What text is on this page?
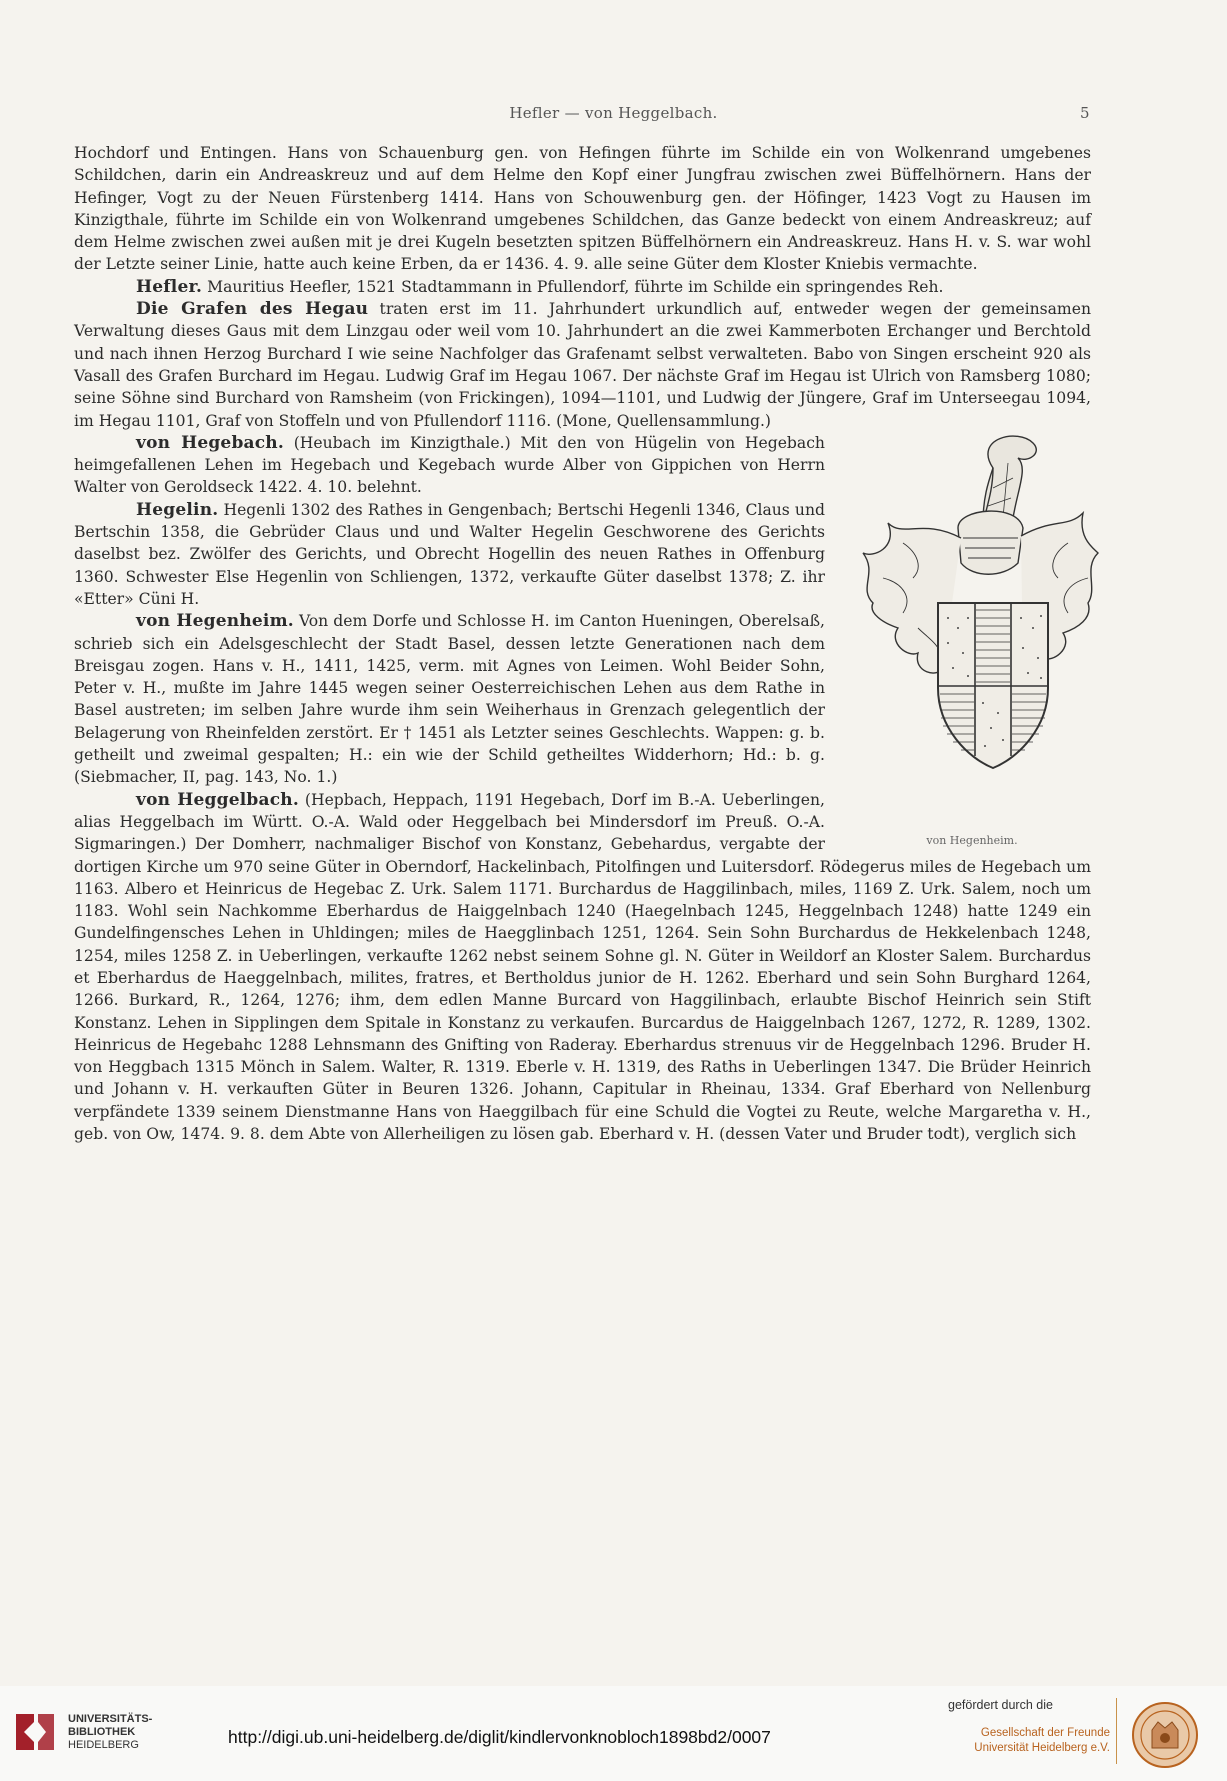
Hefler — von Heggelbach.	5

Hochdorf und Entingen. Hans von Schauenburg gen. von Hefingen führte im Schilde ein von Wolkenrand umgebenes Schildchen, darin ein Andreaskreuz und auf dem Helme den Kopf einer Jungfrau zwischen zwei Büffelhörnern. Hans der Hefinger, Vogt zu der Neuen Fürstenberg 1414. Hans von Schouwenburg gen. der Höfinger, 1423 Vogt zu Hausen im Kinzigthale, führte im Schilde ein von Wolkenrand umgebenes Schildchen, das Ganze bedeckt von einem Andreaskreuz; auf dem Helme zwischen zwei außen mit je drei Kugeln besetzten spitzen Büffelhörnern ein Andreaskreuz. Hans H. v. S. war wohl der Letzte seiner Linie, hatte auch keine Erben, da er 1436. 4. 9. alle seine Güter dem Kloster Kniebis vermachte.

Hefler. Mauritius Heefler, 1521 Stadtammann in Pfullendorf, führte im Schilde ein springendes Reh.

Die Grafen des Hegau traten erst im 11. Jahrhundert urkundlich auf, entweder wegen der gemeinsamen Verwaltung dieses Gaus mit dem Linzgau oder weil vom 10. Jahrhundert an die zwei Kammerboten Erchanger und Berchtold und nach ihnen Herzog Burchard I wie seine Nachfolger das Grafenamt selbst verwalteten. Babo von Singen erscheint 920 als Vasall des Grafen Burchard im Hegau. Ludwig Graf im Hegau 1067. Der nächste Graf im Hegau ist Ulrich von Ramsberg 1080; seine Söhne sind Burchard von Ramsheim (von Frickingen), 1094—1101, und Ludwig der Jüngere, Graf im Unterseegau 1094, im Hegau 1101, Graf von Stoffeln und von Pfullendorf 1116. (Mone, Quellensammlung.)

von Hegenheim.

von Hegebach. (Heubach im Kinzigthale.) Mit den von Hügelin von Hegebach heimgefallenen Lehen im Hegebach und Kegebach wurde Alber von Gippichen von Herrn Walter von Geroldseck 1422. 4. 10. belehnt.

Hegelin. Hegenli 1302 des Rathes in Gengenbach; Bertschi Hegenli 1346, Claus und Bertschin 1358, die Gebrüder Claus und und Walter Hegelin Geschworene des Gerichts daselbst bez. Zwölfer des Gerichts, und Obrecht Hogellin des neuen Rathes in Offenburg 1360. Schwester Else Hegenlin von Schliengen, 1372, verkaufte Güter daselbst 1378; Z. ihr «Etter» Cüni H.

von Hegenheim. Von dem Dorfe und Schlosse H. im Canton Hueningen, Oberelsaß, schrieb sich ein Adelsgeschlecht der Stadt Basel, dessen letzte Generationen nach dem Breisgau zogen. Hans v. H., 1411, 1425, verm. mit Agnes von Leimen. Wohl Beider Sohn, Peter v. H., mußte im Jahre 1445 wegen seiner Oesterreichischen Lehen aus dem Rathe in Basel austreten; im selben Jahre wurde ihm sein Weiherhaus in Grenzach gelegentlich der Belagerung von Rheinfelden zerstört. Er † 1451 als Letzter seines Geschlechts. Wappen: g. b. getheilt und zweimal gespalten; H.: ein wie der Schild getheiltes Widderhorn; Hd.: b. g. (Siebmacher, II, pag. 143, No. 1.)

von Heggelbach. (Hepbach, Heppach, 1191 Hegebach, Dorf im B.-A. Ueberlingen, alias Heggelbach im Württ. O.-A. Wald oder Heggelbach bei Mindersdorf im Preuß. O.-A. Sigmaringen.) Der Domherr, nachmaliger Bischof von Konstanz, Gebehardus, vergabte der dortigen Kirche um 970 seine Güter in Oberndorf, Hackelinbach, Pitolfingen und Luitersdorf. Rödegerus miles de Hegebach um 1163. Albero et Heinricus de Hegebac Z. Urk. Salem 1171. Burchardus de Haggilinbach, miles, 1169 Z. Urk. Salem, noch um 1183. Wohl sein Nachkomme Eberhardus de Haiggelnbach 1240 (Haegelnbach 1245, Heggelnbach 1248) hatte 1249 ein Gundelfingensches Lehen in Uhldingen; miles de Haegglinbach 1251, 1264. Sein Sohn Burchardus de Hekkelenbach 1248, 1254, miles 1258 Z. in Ueberlingen, verkaufte 1262 nebst seinem Sohne gl. N. Güter in Weildorf an Kloster Salem. Burchardus et Eberhardus de Haeggelnbach, milites, fratres, et Bertholdus junior de H. 1262. Eberhard und sein Sohn Burghard 1264, 1266. Burkard, R., 1264, 1276; ihm, dem edlen Manne Burcard von Haggilinbach, erlaubte Bischof Heinrich sein Stift Konstanz. Lehen in Sipplingen dem Spitale in Konstanz zu verkaufen. Burcardus de Haiggelnbach 1267, 1272, R. 1289, 1302. Heinricus de Hegebahc 1288 Lehnsmann des Gnifting von Raderay. Eberhardus strenuus vir de Heggelnbach 1296. Bruder H. von Heggbach 1315 Mönch in Salem. Walter, R. 1319. Eberle v. H. 1319, des Raths in Ueberlingen 1347. Die Brüder Heinrich und Johann v. H. verkauften Güter in Beuren 1326. Johann, Capitular in Rheinau, 1334. Graf Eberhard von Nellenburg verpfändete 1339 seinem Dienstmanne Hans von Haeggilbach für eine Schuld die Vogtei zu Reute, welche Margaretha v. H., geb. von Ow, 1474. 9. 8. dem Abte von Allerheiligen zu lösen gab. Eberhard v. H. (dessen Vater und Bruder todt), verglich sich

UNIVERSITÄTS-
BIBLIOTHEK
HEIDELBERG	http://digi.ub.uni-heidelberg.de/diglit/kindlervonknobloch1898bd2/0007
gefördert durch die
Gesellschaft der Freunde
Universität Heidelberg e.V.
